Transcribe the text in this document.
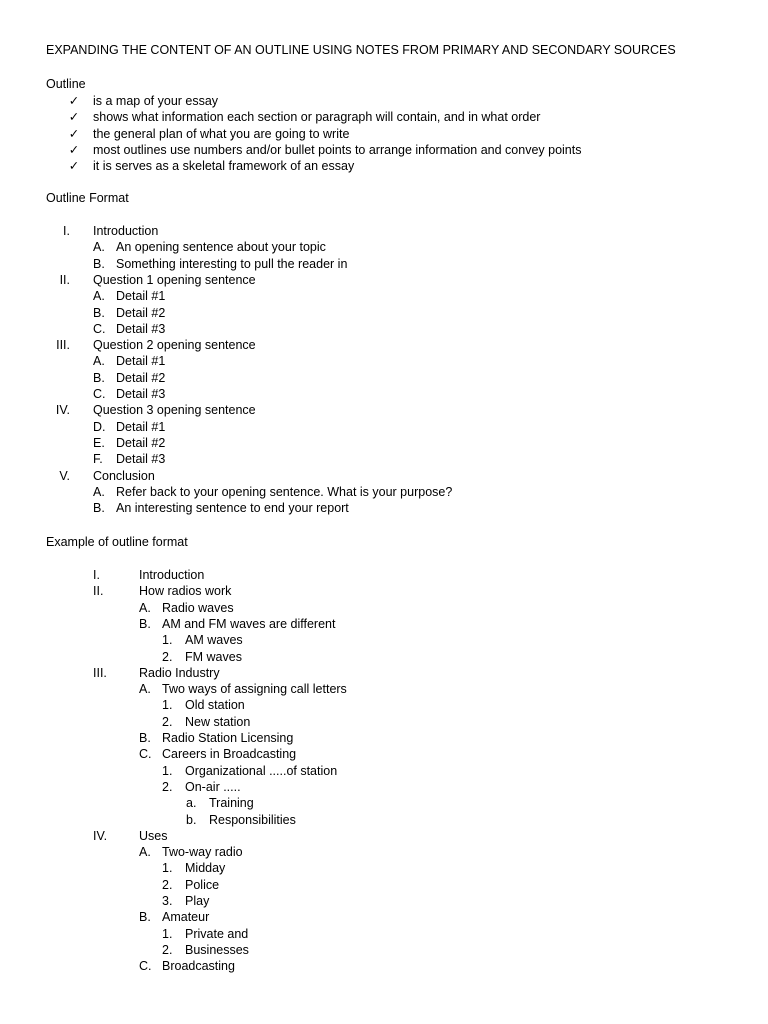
EXPANDING THE CONTENT OF AN OUTLINE USING NOTES FROM PRIMARY AND SECONDARY SOURCES
Outline
✓ is a map of your essay
✓ shows what information each section or paragraph will contain, and in what order
✓ the general plan of what you are going to write
✓ most outlines use numbers and/or bullet points to arrange information and convey points
✓ it is serves as a skeletal framework of an essay
Outline Format
I. Introduction
A. An opening sentence about your topic
B. Something interesting to pull the reader in
II. Question 1 opening sentence
A. Detail #1
B. Detail #2
C. Detail #3
III. Question 2 opening sentence
A. Detail #1
B. Detail #2
C. Detail #3
IV. Question 3 opening sentence
D. Detail #1
E. Detail #2
F. Detail #3
V. Conclusion
A. Refer back to your opening sentence. What is your purpose?
B. An interesting sentence to end your report
Example of outline format
I.	Introduction
II.	How radios work
A. Radio waves
B. AM and FM waves are different
1. AM waves
2. FM waves
III.	Radio Industry
A. Two ways of assigning call letters
1. Old station
2. New station
B. Radio Station Licensing
C. Careers in Broadcasting
1. Organizational .....of station
2. On-air .....
a. Training
b. Responsibilities
IV.	Uses
A. Two-way radio
1. Midday
2. Police
3. Play
B. Amateur
1. Private and
2. Businesses
C. Broadcasting
